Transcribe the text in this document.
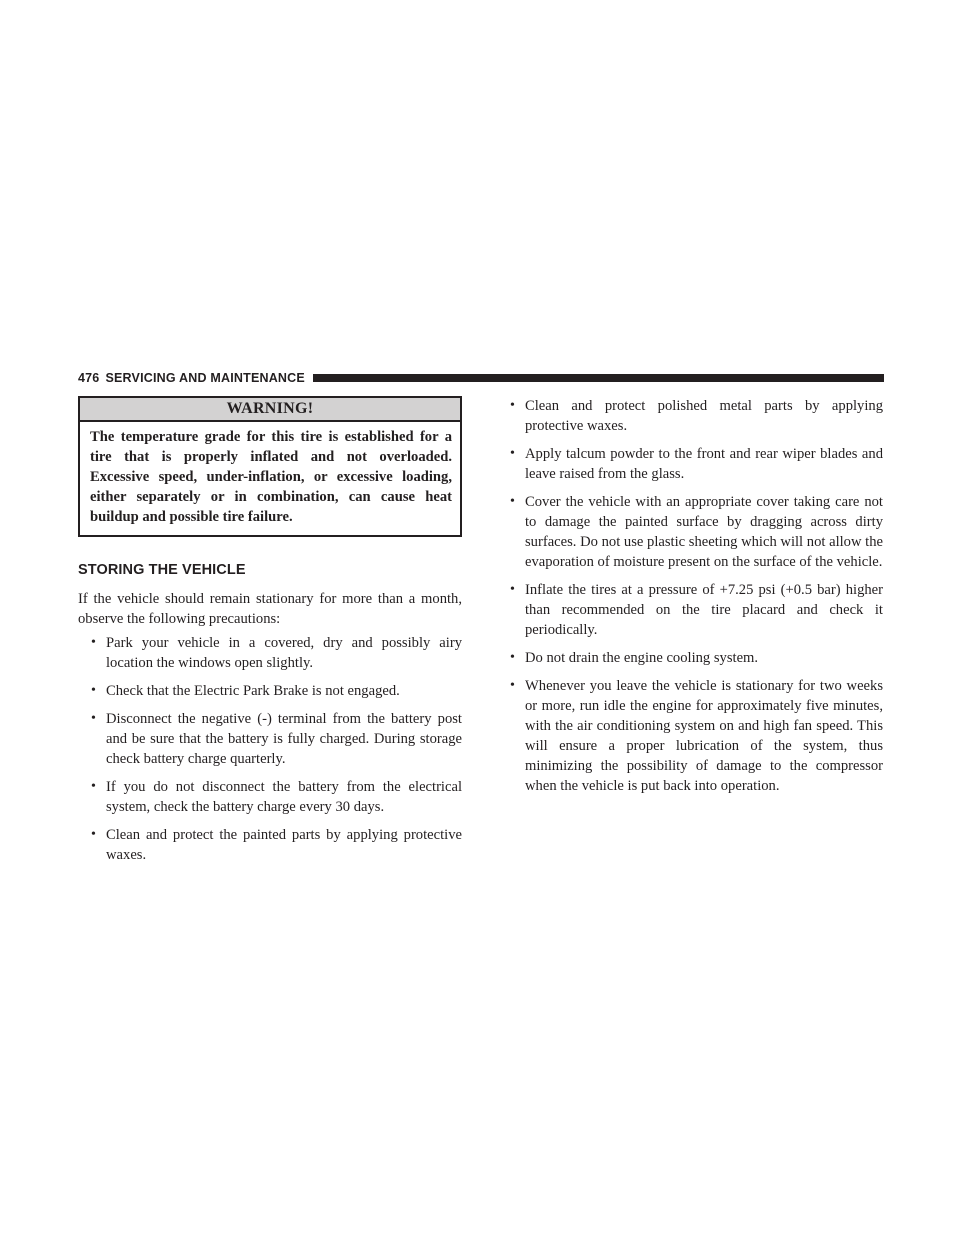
476 SERVICING AND MAINTENANCE
WARNING!
The temperature grade for this tire is established for a tire that is properly inflated and not overloaded. Excessive speed, under-inflation, or excessive loading, either separately or in combination, can cause heat buildup and possible tire failure.
STORING THE VEHICLE

If the vehicle should remain stationary for more than a month, observe the following precautions:

• Park your vehicle in a covered, dry and possibly airy location the windows open slightly.
• Check that the Electric Park Brake is not engaged.
• Disconnect the negative (-) terminal from the battery post and be sure that the battery is fully charged. During storage check battery charge quarterly.
• If you do not disconnect the battery from the electrical system, check the battery charge every 30 days.
• Clean and protect the painted parts by applying protective waxes.
• Clean and protect polished metal parts by applying protective waxes.
• Apply talcum powder to the front and rear wiper blades and leave raised from the glass.
• Cover the vehicle with an appropriate cover taking care not to damage the painted surface by dragging across dirty surfaces. Do not use plastic sheeting which will not allow the evaporation of moisture present on the surface of the vehicle.
• Inflate the tires at a pressure of +7.25 psi (+0.5 bar) higher than recommended on the tire placard and check it periodically.
• Do not drain the engine cooling system.
• Whenever you leave the vehicle is stationary for two weeks or more, run idle the engine for approximately five minutes, with the air conditioning system on and high fan speed. This will ensure a proper lubrication of the system, thus minimizing the possibility of damage to the compressor when the vehicle is put back into operation.
